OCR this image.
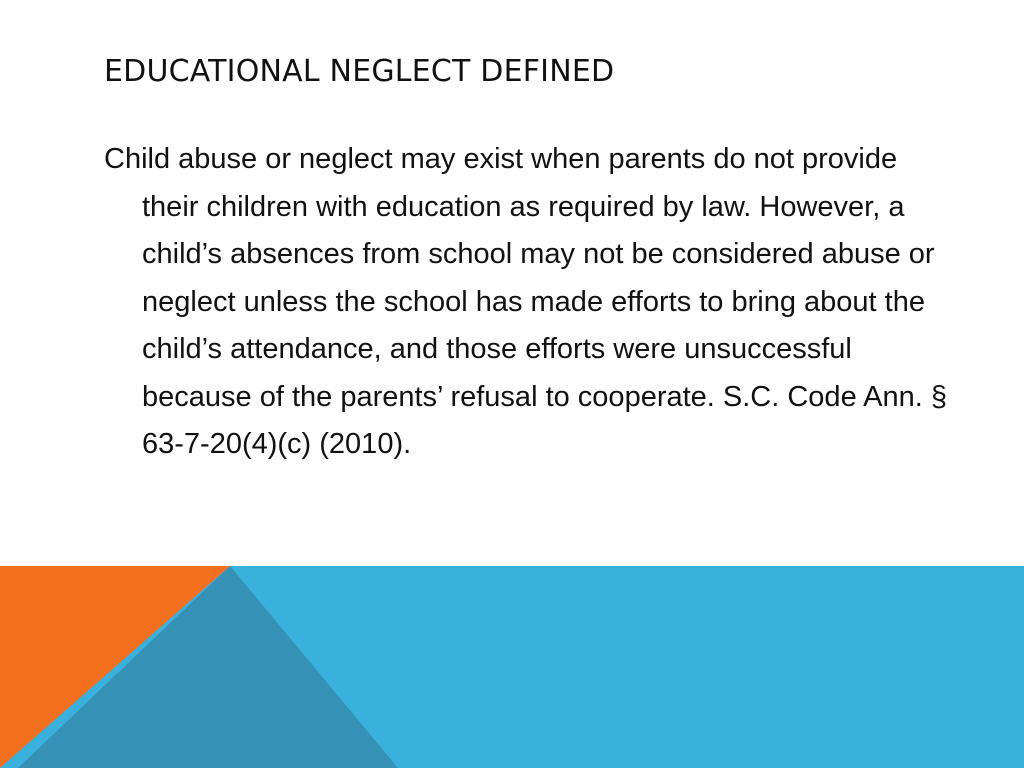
EDUCATIONAL NEGLECT DEFINED

Child abuse or neglect may exist when parents do not provide their children with education as required by law. However, a child’s absences from school may not be considered abuse or neglect unless the school has made efforts to bring about the child’s attendance, and those efforts were unsuccessful because of the parents’ refusal to cooperate. S.C. Code Ann. § 63-7-20(4)(c) (2010).
